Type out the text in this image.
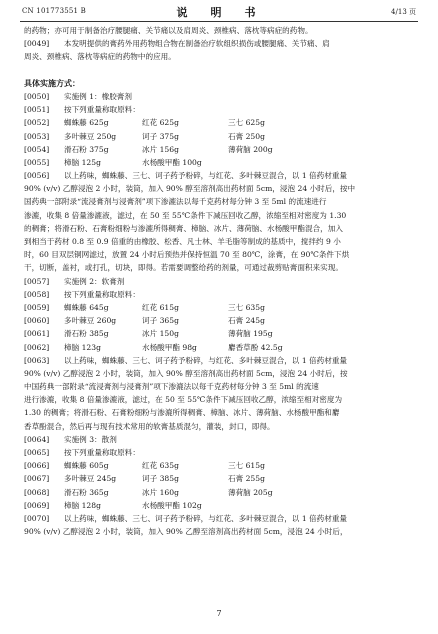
CN 101773551 B	说　明　书	4/13 页
的药物；亦可用于制备治疗腰腿痛、关节痛以及肩周炎、颈椎病、落枕等病症的药物。
[0049] 本发明提供的膏药外用药物组合物在制备治疗软组织损伤或腰腿痛、关节痛、肩
周炎、颈椎病、落枕等病症的药物中的应用。
具体实施方式：
[0050] 实施例 1：橡胶膏剂
[0051] 按下列重量称取原料：
[0052] 蜘蛛藤 625g	红花 625g	三七 625g
[0053] 多叶棘豆 250g	诃子 375g	石膏 250g
[0054] 滑石粉 375g	冰片 156g	薄荷脑 200g
[0055] 樟脑 125g	水杨酸甲酯 100g
[0056] 以上药味，蜘蛛藤、三七、诃子药予粉碎，与红花、多叶棘豆混合，以 1 倍药材重量
90% (v/v) 乙醇浸泡 2 小时，装筒，加入 90% 醇至溶剂高出药材面 5cm，浸泡 24 小时后，按中
国药典一部附录“流浸膏剂与浸膏剂”项下渗漉法以每千克药材每分钟 3 至 5ml 的流速进行
渗漉，收集 8 倍量渗漉液，滤过，在 50 至 55℃条件下减压回收乙醇，浓缩至相对密度为 1.30
的稠膏；将滑石粉、石膏粉细粉与渗漉所得稠膏、樟脑、冰片、薄荷脑、水杨酸甲酯混合，加入
到相当于药材 0.8 至 0.9 倍重的由橡胶、松香、凡士林、羊毛脂等制成的基质中，搅拌约 9 小
时，60 目双层铜网滤过，放置 24 小时后预热并保持恒温 70 至 80℃，涂膏，在 90℃条件下烘
干，切断，盖衬，或打孔，切块，即得。若需要调整给药的剂量，可通过裁剪贴膏面积来实现。
[0057] 实施例 2：软膏剂
[0058] 按下列重量称取原料：
[0059] 蜘蛛藤 645g	红花 615g	三七 635g
[0060] 多叶棘豆 260g	诃子 365g	石膏 245g
[0061] 滑石粉 385g	冰片 150g	薄荷脑 195g
[0062] 樟脑 123g	水杨酸甲酯 98g	麝香草酚 42.5g
[0063] 以上药味，蜘蛛藤、三七、诃子药予粉碎，与红花、多叶棘豆混合，以 1 倍药材重量
90% (v/v) 乙醇浸泡 2 小时，装筒，加入 90% 醇至溶剂高出药材面 5cm，浸泡 24 小时后，按
中国药典一部附录“流浸膏剂与浸膏剂”项下渗漉法以每千克药材每分钟 3 至 5ml 的流速
进行渗漉，收集 8 倍量渗漉液，滤过，在 50 至 55℃条件下减压回收乙醇，浓缩至相对密度为
1.30 的稠膏；将滑石粉、石膏粉细粉与渗漉所得稠膏、樟脑、冰片、薄荷脑、水杨酸甲酯和麝
香草酚混合，然后再与现有技术常用的软膏基质混匀，灌装，封口，即得。
[0064] 实施例 3：散剂
[0065] 按下列重量称取原料：
[0066] 蜘蛛藤 605g	红花 635g	三七 615g
[0067] 多叶棘豆 245g	诃子 385g	石膏 255g
[0068] 滑石粉 365g	冰片 160g	薄荷脑 205g
[0069] 樟脑 128g	水杨酸甲酯 102g
[0070] 以上药味，蜘蛛藤、三七、诃子药予粉碎，与红花、多叶棘豆混合，以 1 倍药材重量
90% (v/v) 乙醇浸泡 2 小时，装筒，加入 90% 乙醇至溶剂高出药材面 5cm，浸泡 24 小时后，
7
